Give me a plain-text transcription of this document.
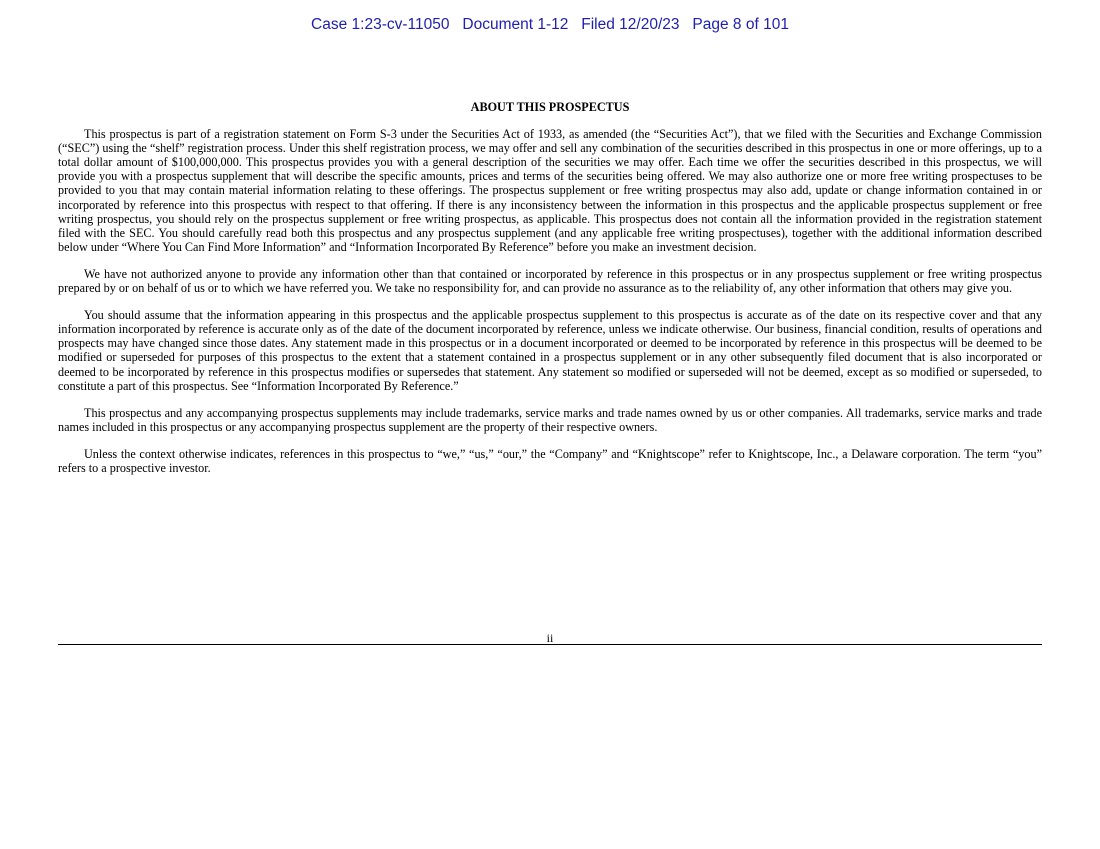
Case 1:23-cv-11050   Document 1-12   Filed 12/20/23   Page 8 of 101
ABOUT THIS PROSPECTUS

This prospectus is part of a registration statement on Form S-3 under the Securities Act of 1933, as amended (the “Securities Act”), that we filed with the Securities and Exchange Commission (“SEC”) using the “shelf” registration process. Under this shelf registration process, we may offer and sell any combination of the securities described in this prospectus in one or more offerings, up to a total dollar amount of $100,000,000. This prospectus provides you with a general description of the securities we may offer. Each time we offer the securities described in this prospectus, we will provide you with a prospectus supplement that will describe the specific amounts, prices and terms of the securities being offered. We may also authorize one or more free writing prospectuses to be provided to you that may contain material information relating to these offerings. The prospectus supplement or free writing prospectus may also add, update or change information contained in or incorporated by reference into this prospectus with respect to that offering. If there is any inconsistency between the information in this prospectus and the applicable prospectus supplement or free writing prospectus, you should rely on the prospectus supplement or free writing prospectus, as applicable. This prospectus does not contain all the information provided in the registration statement filed with the SEC. You should carefully read both this prospectus and any prospectus supplement (and any applicable free writing prospectuses), together with the additional information described below under “Where You Can Find More Information” and “Information Incorporated By Reference” before you make an investment decision.

We have not authorized anyone to provide any information other than that contained or incorporated by reference in this prospectus or in any prospectus supplement or free writing prospectus prepared by or on behalf of us or to which we have referred you. We take no responsibility for, and can provide no assurance as to the reliability of, any other information that others may give you.

You should assume that the information appearing in this prospectus and the applicable prospectus supplement to this prospectus is accurate as of the date on its respective cover and that any information incorporated by reference is accurate only as of the date of the document incorporated by reference, unless we indicate otherwise. Our business, financial condition, results of operations and prospects may have changed since those dates. Any statement made in this prospectus or in a document incorporated or deemed to be incorporated by reference in this prospectus will be deemed to be modified or superseded for purposes of this prospectus to the extent that a statement contained in a prospectus supplement or in any other subsequently filed document that is also incorporated or deemed to be incorporated by reference in this prospectus modifies or supersedes that statement. Any statement so modified or superseded will not be deemed, except as so modified or superseded, to constitute a part of this prospectus. See “Information Incorporated By Reference.”

This prospectus and any accompanying prospectus supplements may include trademarks, service marks and trade names owned by us or other companies. All trademarks, service marks and trade names included in this prospectus or any accompanying prospectus supplement are the property of their respective owners.

Unless the context otherwise indicates, references in this prospectus to “we,” “us,” “our,” the “Company” and “Knightscope” refer to Knightscope, Inc., a Delaware corporation. The term “you” refers to a prospective investor.

ii
